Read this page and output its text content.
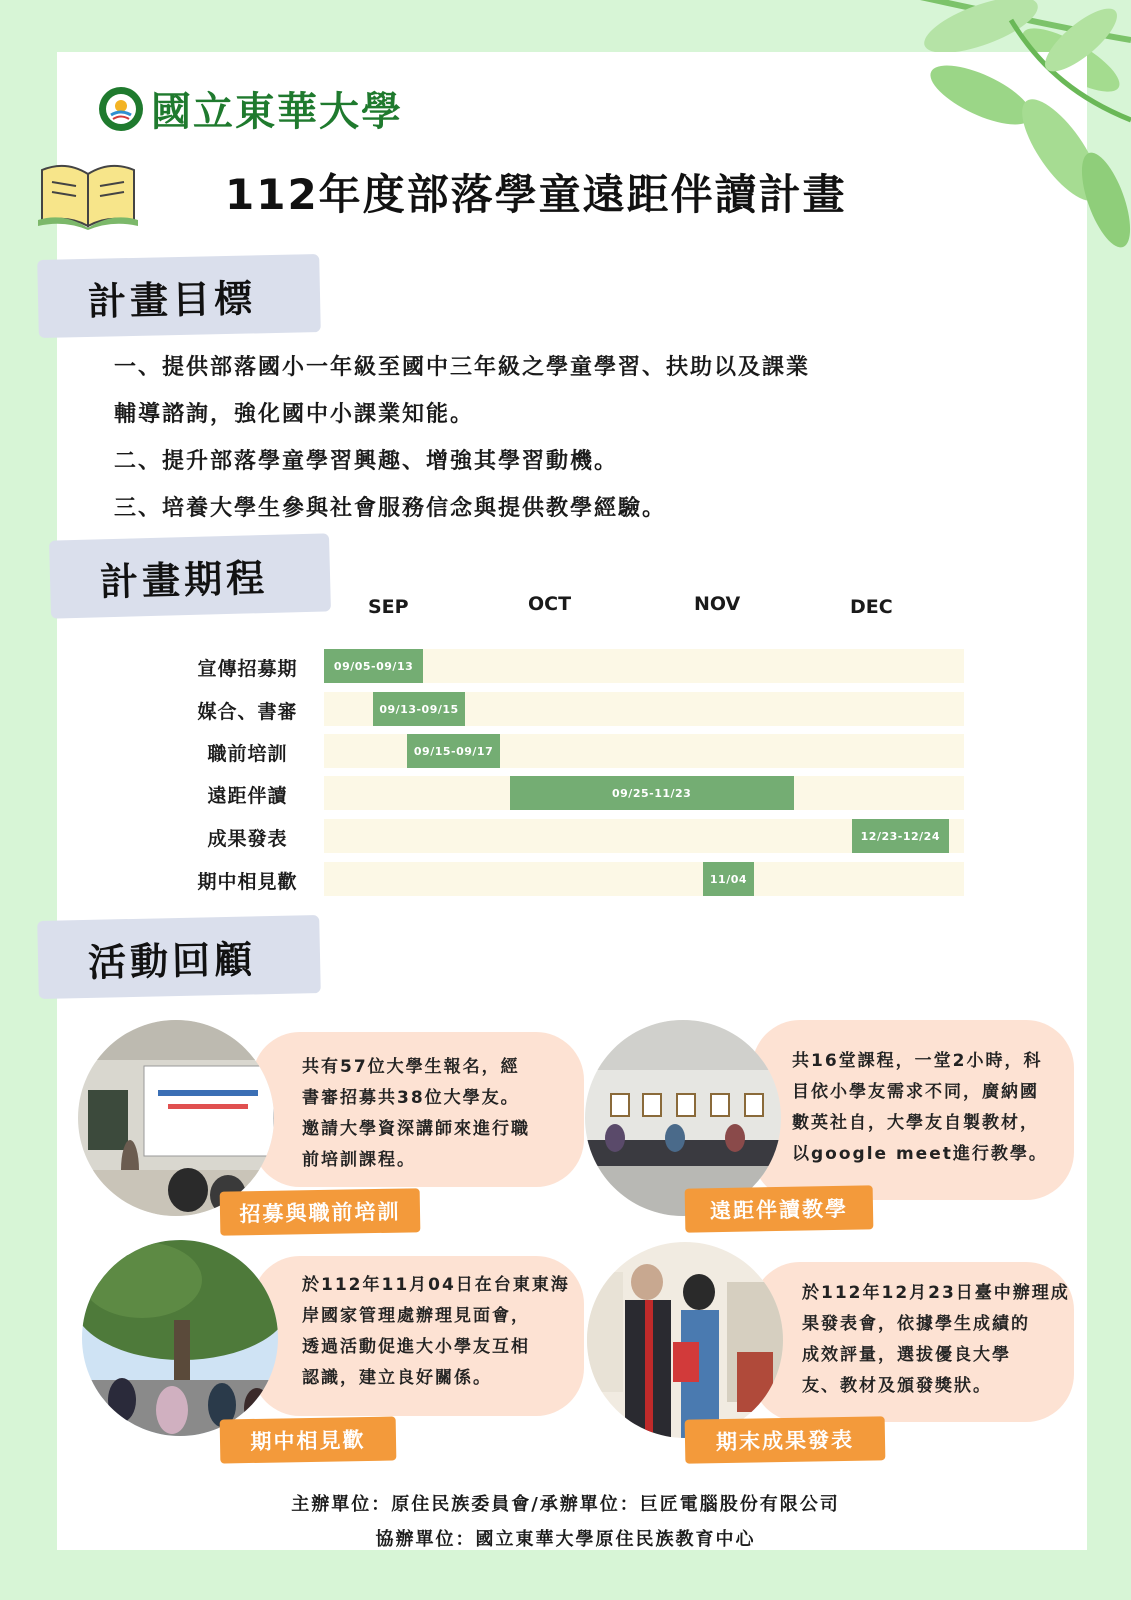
國立東華大學
112年度部落學童遠距伴讀計畫
計畫目標

一、提供部落國小一年級至國中三年級之學童學習、扶助以及課業

輔導諮詢，強化國中小課業知能。

二、提升部落學童學習興趣、增強其學習動機。

三、培養大學生參與社會服務信念與提供教學經驗。

計畫期程
SEP	OCT	NOV	DEC
宣傳招募期	09/05-09/13
媒合、書審	09/13-09/15
職前培訓	09/15-09/17
遠距伴讀	09/25-11/23
成果發表	12/23-12/24
期中相見歡	11/04
活動回顧
共有57位大學生報名，經
書審招募共38位大學友。
邀請大學資深講師來進行職
前培訓課程。
招募與職前培訓
共16堂課程，一堂2小時，科
目依小學友需求不同，廣納國
數英社自，大學友自製教材，
以google meet進行教學。
遠距伴讀教學
於112年11月04日在台東東海
岸國家管理處辦理見面會，
透過活動促進大小學友互相
認識，建立良好關係。
期中相見歡
於112年12月23日臺中辦理成
果發表會，依據學生成績的
成效評量，選拔優良大學
友、教材及頒發獎狀。
期末成果發表
主辦單位：原住民族委員會/承辦單位：巨匠電腦股份有限公司
協辦單位：國立東華大學原住民族教育中心
